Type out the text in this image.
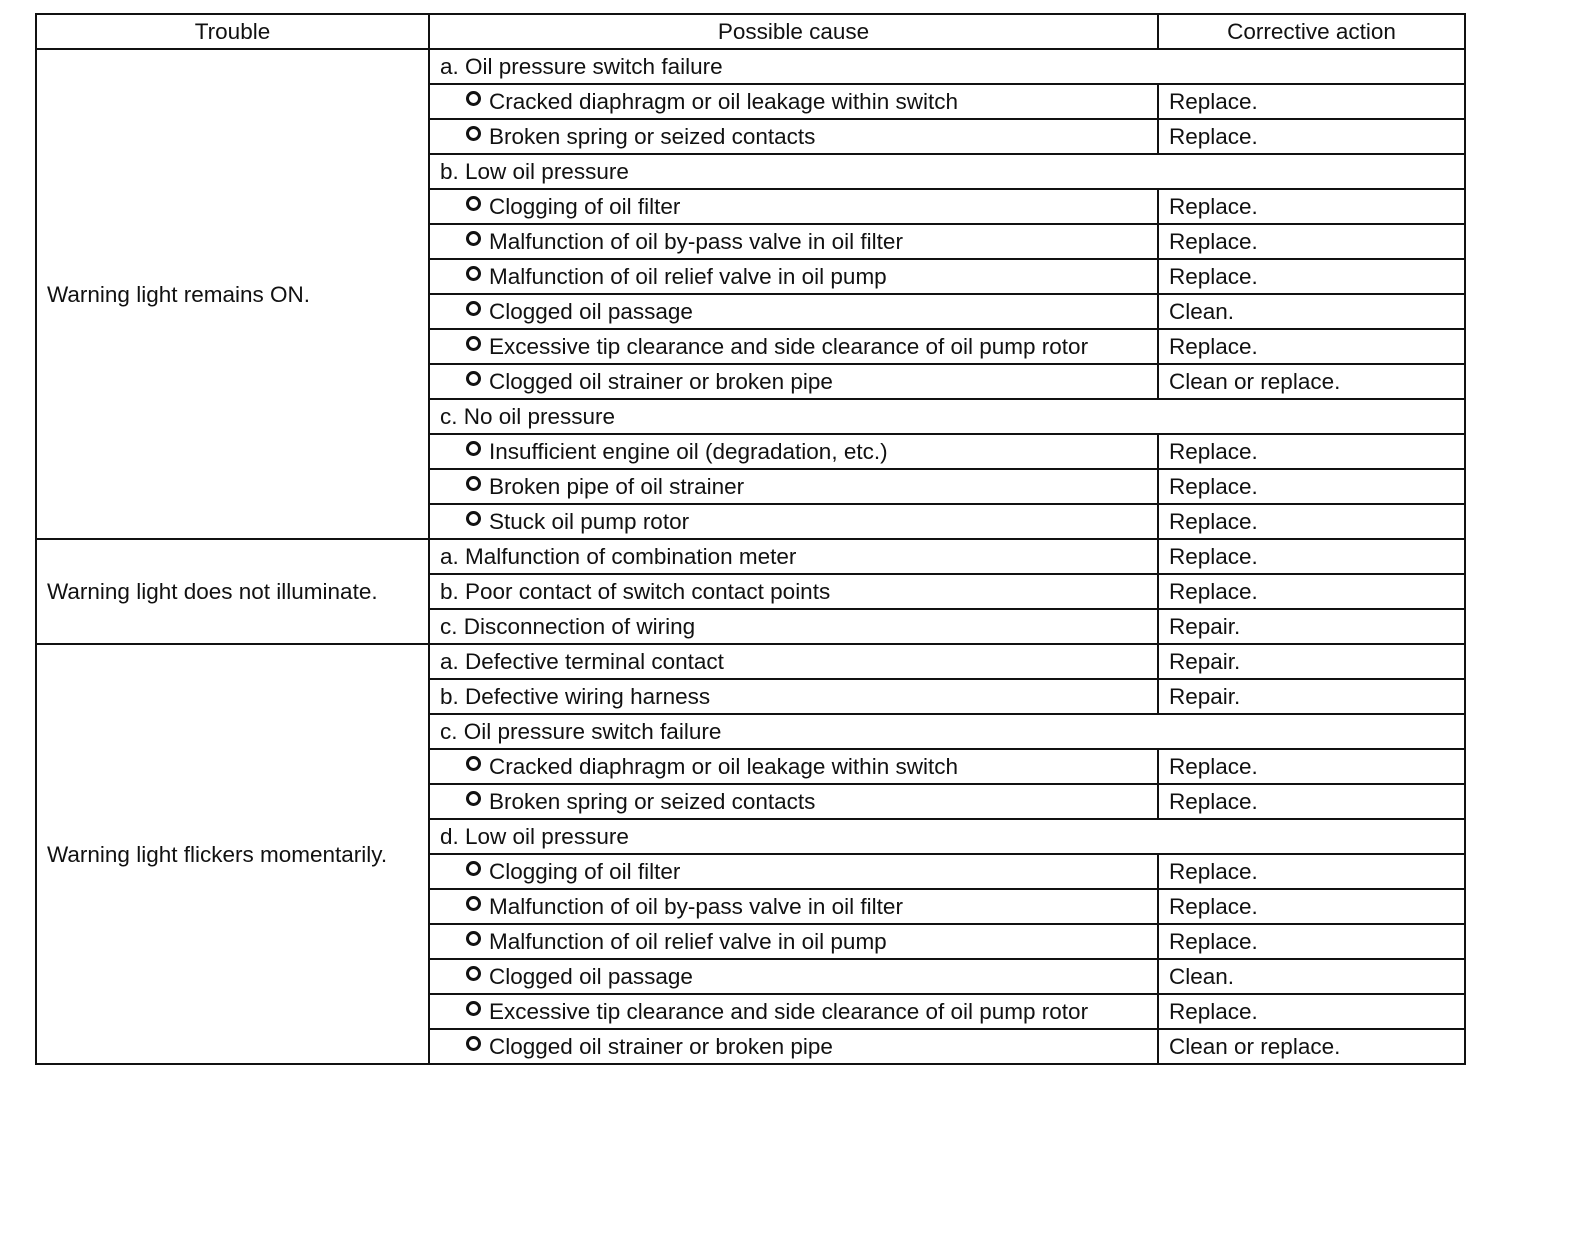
Trouble	Possible cause	Corrective action
Warning light remains ON.	a. Oil pressure switch failure	
	Cracked diaphragm or oil leakage within switch	Replace.
	Broken spring or seized contacts	Replace.
	b. Low oil pressure	
	Clogging of oil filter	Replace.
	Malfunction of oil by-pass valve in oil filter	Replace.
	Malfunction of oil relief valve in oil pump	Replace.
	Clogged oil passage	Clean.
	Excessive tip clearance and side clearance of oil pump rotor	Replace.
	Clogged oil strainer or broken pipe	Clean or replace.
	c. No oil pressure	
	Insufficient engine oil (degradation, etc.)	Replace.
	Broken pipe of oil strainer	Replace.
	Stuck oil pump rotor	Replace.
Warning light does not illuminate.	a. Malfunction of combination meter	Replace.
	b. Poor contact of switch contact points	Replace.
	c. Disconnection of wiring	Repair.
Warning light flickers momentarily.	a. Defective terminal contact	Repair.
	b. Defective wiring harness	Repair.
	c. Oil pressure switch failure	
	Cracked diaphragm or oil leakage within switch	Replace.
	Broken spring or seized contacts	Replace.
	d. Low oil pressure	
	Clogging of oil filter	Replace.
	Malfunction of oil by-pass valve in oil filter	Replace.
	Malfunction of oil relief valve in oil pump	Replace.
	Clogged oil passage	Clean.
	Excessive tip clearance and side clearance of oil pump rotor	Replace.
	Clogged oil strainer or broken pipe	Clean or replace.
